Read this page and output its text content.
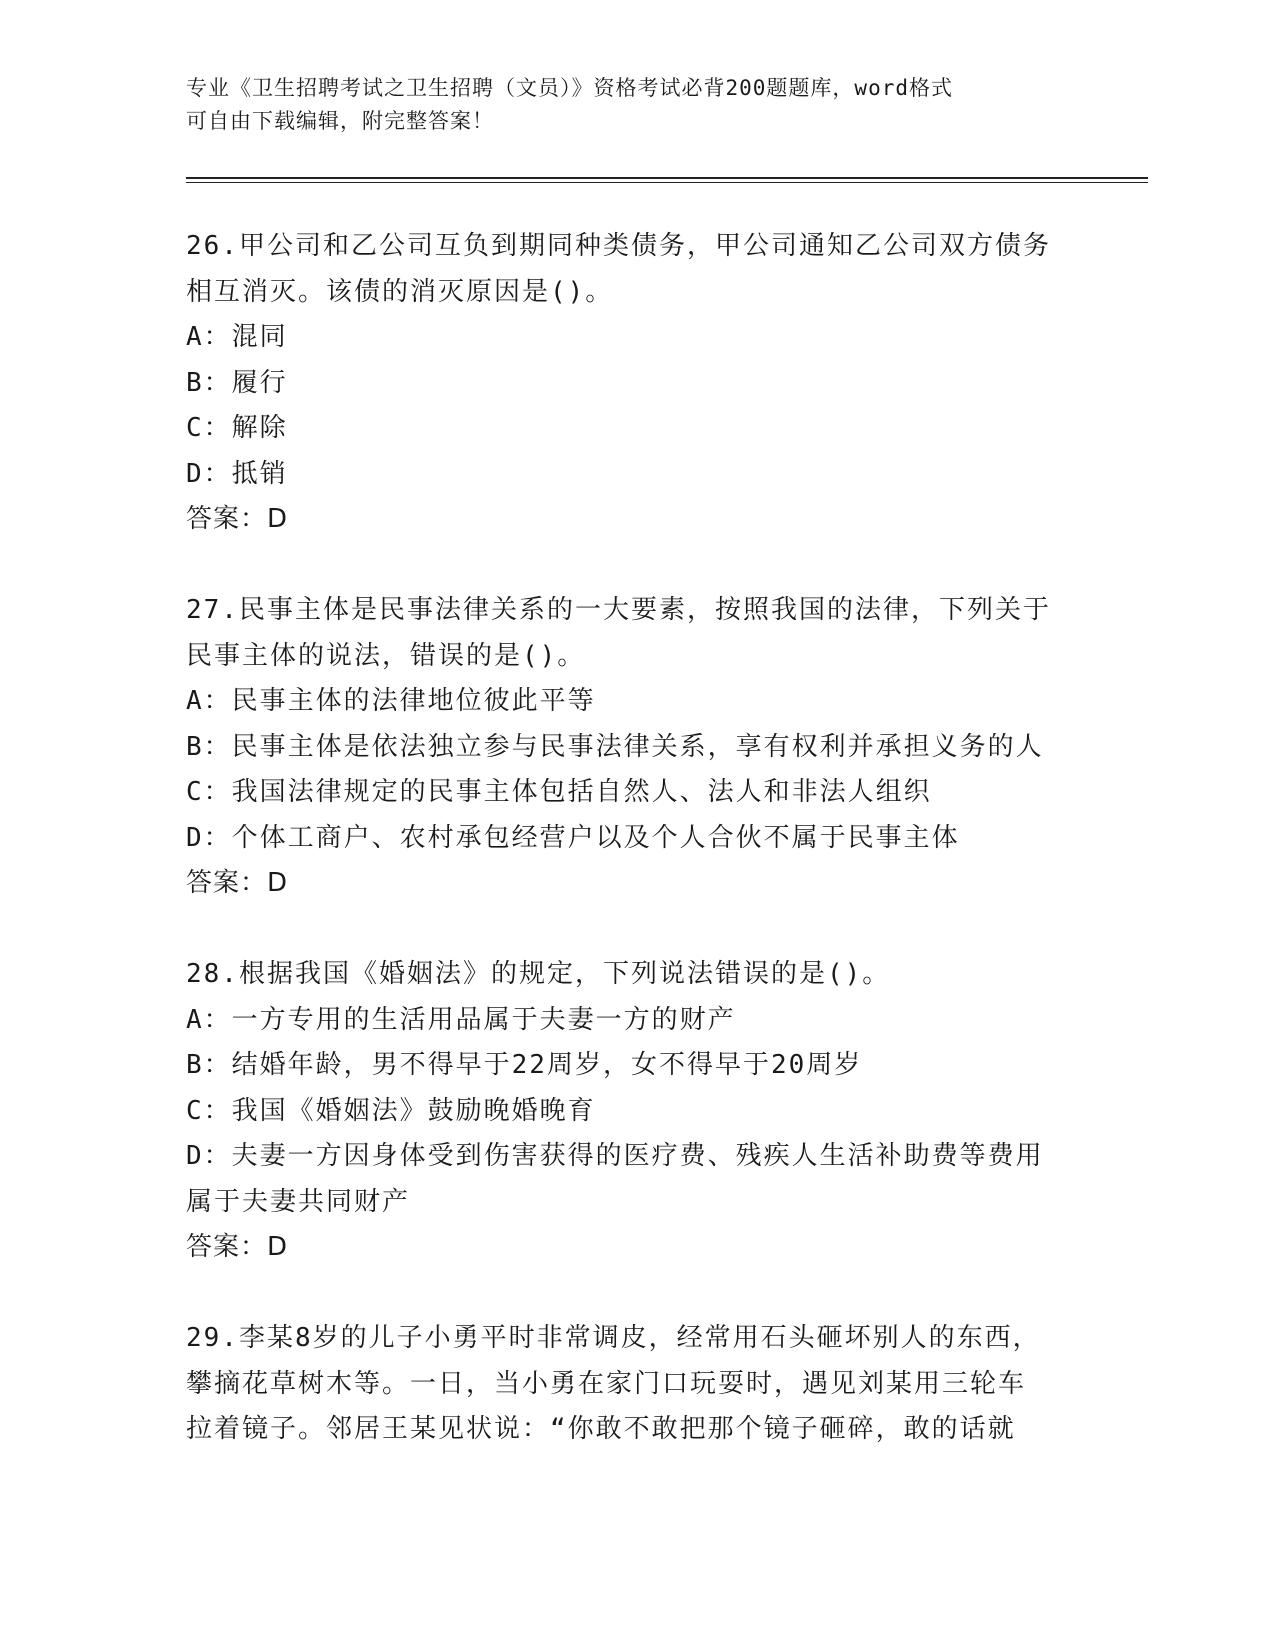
专业《卫生招聘考试之卫生招聘（文员）》资格考试必背200题题库，word格式
可自由下载编辑，附完整答案！
26.甲公司和乙公司互负到期同种类债务，甲公司通知乙公司双方债务
相互消灭。该债的消灭原因是()。
A：混同
B：履行
C：解除
D：抵销
答案：D
27.民事主体是民事法律关系的一大要素，按照我国的法律，下列关于
民事主体的说法，错误的是()。
A：民事主体的法律地位彼此平等
B：民事主体是依法独立参与民事法律关系，享有权利并承担义务的人
C：我国法律规定的民事主体包括自然人、法人和非法人组织
D：个体工商户、农村承包经营户以及个人合伙不属于民事主体
答案：D
28.根据我国《婚姻法》的规定，下列说法错误的是()。
A：一方专用的生活用品属于夫妻一方的财产
B：结婚年龄，男不得早于22周岁，女不得早于20周岁
C：我国《婚姻法》鼓励晚婚晚育
D：夫妻一方因身体受到伤害获得的医疗费、残疾人生活补助费等费用
属于夫妻共同财产
答案：D
29.李某8岁的儿子小勇平时非常调皮，经常用石头砸坏别人的东西，
攀摘花草树木等。一日，当小勇在家门口玩耍时，遇见刘某用三轮车
拉着镜子。邻居王某见状说：“你敢不敢把那个镜子砸碎，敢的话就
